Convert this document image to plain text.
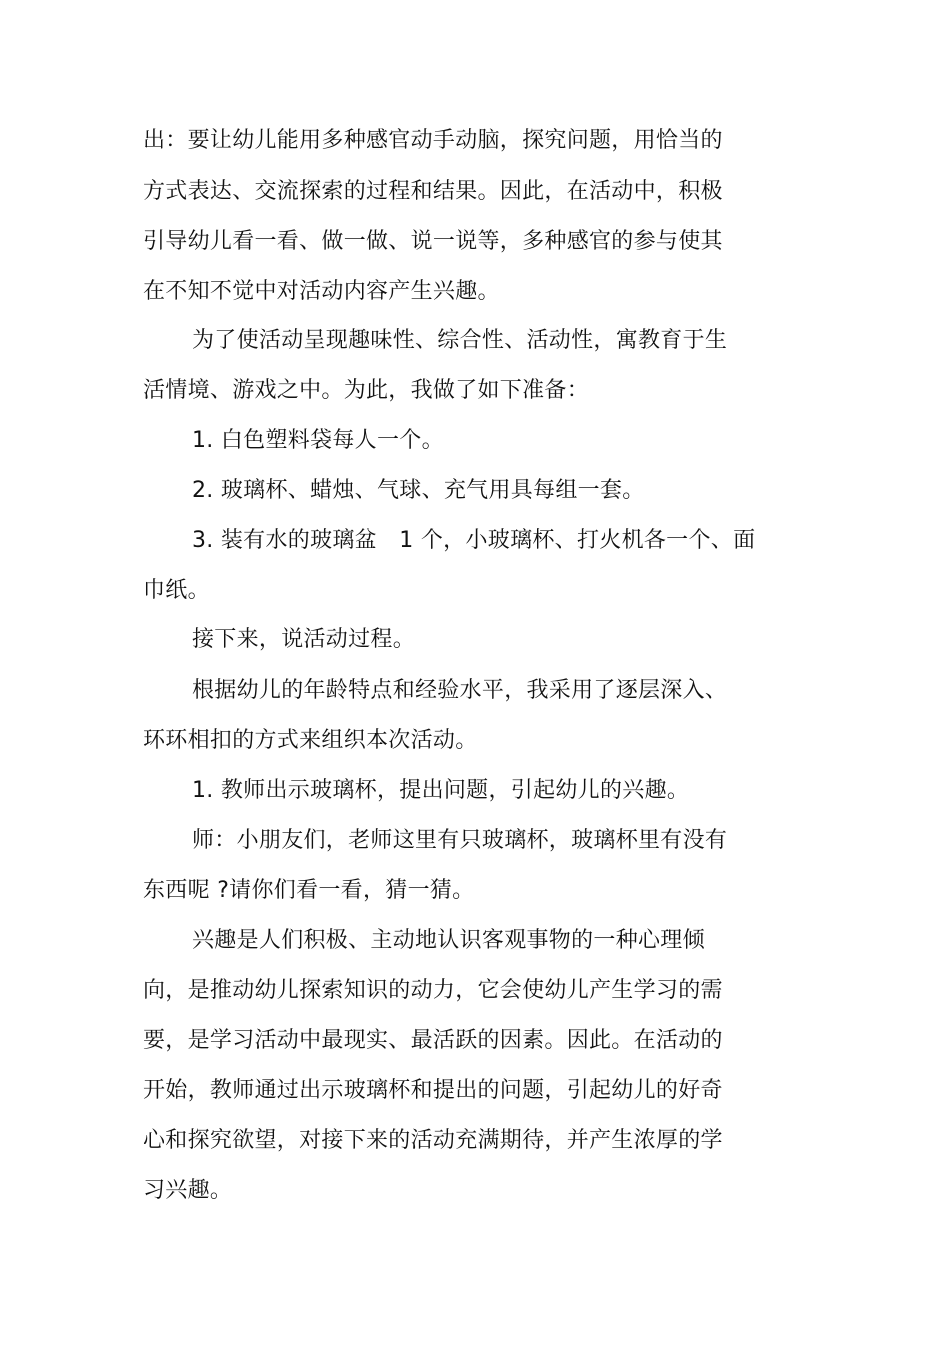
出：要让幼儿能用多种感官动手动脑，探究问题，用恰当的
方式表达、交流探索的过程和结果。因此，在活动中，积极
引导幼儿看一看、做一做、说一说等，多种感官的参与使其
在不知不觉中对活动内容产生兴趣。
为了使活动呈现趣味性、综合性、活动性，寓教育于生
活情境、游戏之中。为此，我做了如下准备：
1. 白色塑料袋每人一个。
2. 玻璃杯、蜡烛、气球、充气用具每组一套。
3. 装有水的玻璃盆　1 个，小玻璃杯、打火机各一个、面
巾纸。
接下来，说活动过程。
根据幼儿的年龄特点和经验水平，我采用了逐层深入、
环环相扣的方式来组织本次活动。
1. 教师出示玻璃杯，提出问题，引起幼儿的兴趣。
师：小朋友们，老师这里有只玻璃杯，玻璃杯里有没有
东西呢 ?请你们看一看，猜一猜。
兴趣是人们积极、主动地认识客观事物的一种心理倾
向，是推动幼儿探索知识的动力，它会使幼儿产生学习的需
要，是学习活动中最现实、最活跃的因素。因此。在活动的
开始，教师通过出示玻璃杯和提出的问题，引起幼儿的好奇
心和探究欲望，对接下来的活动充满期待，并产生浓厚的学
习兴趣。
